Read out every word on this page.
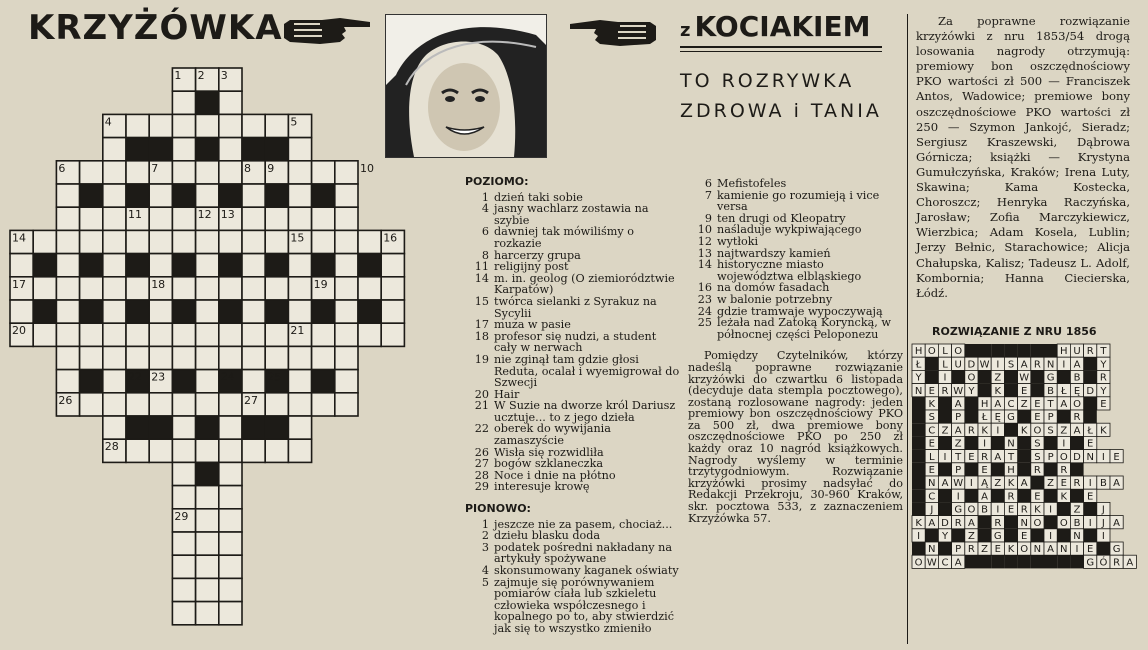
KRZYŻÓWKA	z KOCIAKIEM
TO ROZRYWKA
ZDROWA i TANIA
1 2 3
4	5
6	7	8 9	10
11	12 13
14	15	16
17	18	19
20	21
22 23	24	25
26	27
28
29
POZIOMO:
1 dzień taki sobie
4 jasny wachlarz zostawia na szybie
6 dawniej tak mówiliśmy o rozkazie
8 harcerzy grupa
11 religijny post
14 m. in. geolog (O ziemiorództwie Karpatów)
15 twórca sielanki z Syrakuz na Sycylii
17 muza w pasie
18 profesor się nudzi, a student cały w nerwach
19 nie zginął tam gdzie głosi Reduta, ocalał i wyemigrował do Szwecji
20 Hair
21 W Suzie na dworze król Dariusz ucztuje... to z jego dzieła
22 oberek do wywijania zamaszyście
26 Wisła się rozwidliła
27 bogów szklaneczka
28 Noce i dnie na płótno
29 interesuje krowę
PIONOWO:
1 jeszcze nie za pasem, chociaż...
2 dziełu blasku doda
3 podatek pośredni nakładany na artykuły spożywane
4 skonsumowany kaganek oświaty
5 zajmuje się porównywaniem pomiarów ciała lub szkieletu człowieka współczesnego i kopalnego po to, aby stwierdzić jak się to wszystko zmieniło
6 Mefistofeles
7 kamienie go rozumieją i vice versa
9 ten drugi od Kleopatry
10 naśladuje wykpiwającego
12 wytłoki
13 najtwardszy kamień
14 historyczne miasto województwa elbląskiego
16 na domów fasadach
23 w balonie potrzebny
24 gdzie tramwaje wypoczywają
25 leżała nad Zatoką Koryncką, w północnej części Peloponezu
Pomiędzy Czytelników, którzy nadeślą poprawne rozwiązanie krzyżówki do czwartku 6 listopada (decyduje data stempla pocztowego), zostaną rozlosowane nagrody: jeden premiowy bon oszczędnościowy PKO za 500 zł, dwa premiowe bony oszczędnościowe PKO po 250 zł każdy oraz 10 nagród książkowych. Nagrody wyślemy w terminie trzytygodniowym. Rozwiązanie krzyżówki prosimy nadsyłać do Redakcji Przekroju, 30-960 Kraków, skr. pocztowa 533, z zaznaczeniem Krzyżówka 57.
Za poprawne rozwiązanie krzyżówki z nru 1853/54 drogą losowania nagrody otrzymują: premiowy bon oszczędnościowy PKO wartości zł 500 — Franciszek Antos, Wadowice; premiowe bony oszczędnościowe PKO wartości zł 250 — Szymon Jankojć, Sieradz; Sergiusz Kraszewski, Dąbrowa Górnicza; książki — Krystyna Gumułczyńska, Kraków; Irena Luty, Skawina; Kama Kostecka, Choroszcz; Henryka Raczyńska, Jarosław; Zofia Marczykiewicz, Wierzbica; Adam Kosela, Lublin; Jerzy Bełnic, Starachowice; Alicja Chałupska, Kalisz; Tadeusz L. Adolf, Kombornia; Hanna Ciecierska, Łódź.
ROZWIĄZANIE Z NRU 1856
H O L O	H U R T
Ł L U D W I S A R N I A Y
Y I O Z W G B R
N E R W Y K E B Ł Ę D Y
K A H A C Z E T A O E
S P Ł Ę G E P R
C Z A R K I K O S Z A Ł K
E Z I N S I E
L I T E R A T S P O D N I E
E P E H R R
N A W I Ą Z K A Z E R I B A
C I A R E K E
J G O B I E R K I Z J
K A D R A R N O O B I J A
I Y Z G E I N I
N P R Z E K O N A N I E G
O W C A	G Ó R A
